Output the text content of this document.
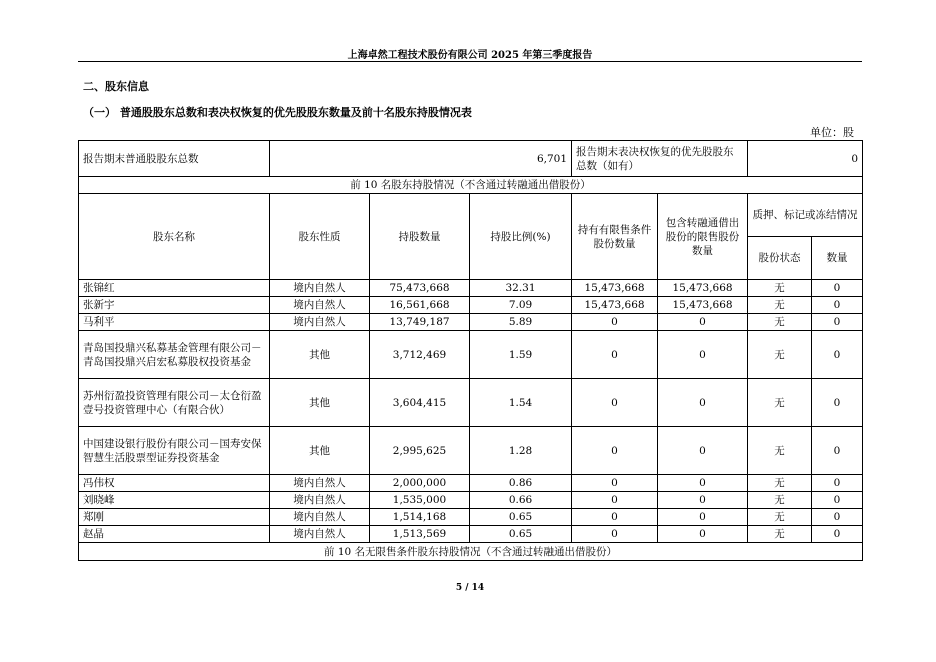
上海卓然工程技术股份有限公司 2025 年第三季度报告
二、股东信息
（一） 普通股股东总数和表决权恢复的优先股股东数量及前十名股东持股情况表
单位：股
报告期末普通股股东总数	6,701			报告期末表决权恢复的优先股股东总数（如有）		0	
前 10 名股东持股情况（不含通过转融通出借股份）							
股东名称	股东性质	持股数量	持股比例(%)	持有有限售条件股份数量	包含转融通借出股份的限售股份数量	质押、标记或冻结情况	
						股份状态	数量
张锦红	境内自然人	75,473,668	32.31	15,473,668	15,473,668	无	0
张新宇	境内自然人	16,561,668	7.09	15,473,668	15,473,668	无	0
马利平	境内自然人	13,749,187	5.89	0	0	无	0
青岛国投鼎兴私募基金管理有限公司－青岛国投鼎兴启宏私募股权投资基金	其他	3,712,469	1.59	0	0	无	0
苏州衍盈投资管理有限公司－太仓衍盈壹号投资管理中心（有限合伙）	其他	3,604,415	1.54	0	0	无	0
中国建设银行股份有限公司－国寿安保智慧生活股票型证券投资基金	其他	2,995,625	1.28	0	0	无	0
冯伟权	境内自然人	2,000,000	0.86	0	0	无	0
刘晓峰	境内自然人	1,535,000	0.66	0	0	无	0
郑刚	境内自然人	1,514,168	0.65	0	0	无	0
赵晶	境内自然人	1,513,569	0.65	0	0	无	0
前 10 名无限售条件股东持股情况（不含通过转融通出借股份）							
5 / 14
